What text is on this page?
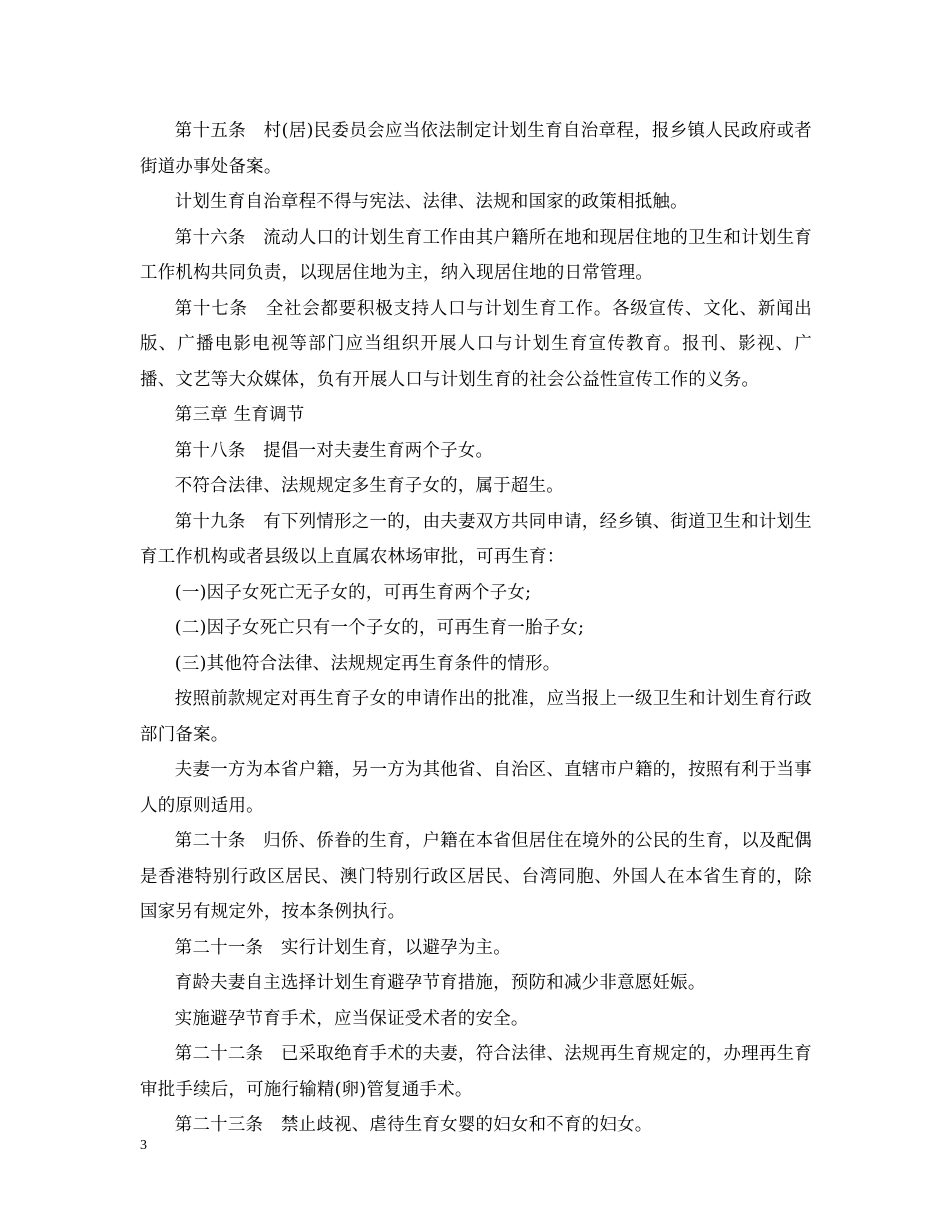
第十五条　村(居)民委员会应当依法制定计划生育自治章程，报乡镇人民政府或者街道办事处备案。

计划生育自治章程不得与宪法、法律、法规和国家的政策相抵触。

第十六条　流动人口的计划生育工作由其户籍所在地和现居住地的卫生和计划生育工作机构共同负责，以现居住地为主，纳入现居住地的日常管理。

第十七条　全社会都要积极支持人口与计划生育工作。各级宣传、文化、新闻出版、广播电影电视等部门应当组织开展人口与计划生育宣传教育。报刊、影视、广播、文艺等大众媒体，负有开展人口与计划生育的社会公益性宣传工作的义务。

第三章 生育调节

第十八条　提倡一对夫妻生育两个子女。

不符合法律、法规规定多生育子女的，属于超生。

第十九条　有下列情形之一的，由夫妻双方共同申请，经乡镇、街道卫生和计划生育工作机构或者县级以上直属农林场审批，可再生育：

(一)因子女死亡无子女的，可再生育两个子女;

(二)因子女死亡只有一个子女的，可再生育一胎子女;

(三)其他符合法律、法规规定再生育条件的情形。

按照前款规定对再生育子女的申请作出的批准，应当报上一级卫生和计划生育行政部门备案。

夫妻一方为本省户籍，另一方为其他省、自治区、直辖市户籍的，按照有利于当事人的原则适用。

第二十条　归侨、侨眷的生育，户籍在本省但居住在境外的公民的生育，以及配偶是香港特别行政区居民、澳门特别行政区居民、台湾同胞、外国人在本省生育的，除国家另有规定外，按本条例执行。

第二十一条　实行计划生育，以避孕为主。

育龄夫妻自主选择计划生育避孕节育措施，预防和减少非意愿妊娠。

实施避孕节育手术，应当保证受术者的安全。

第二十二条　已采取绝育手术的夫妻，符合法律、法规再生育规定的，办理再生育审批手续后，可施行输精(卵)管复通手术。

第二十三条　禁止歧视、虐待生育女婴的妇女和不育的妇女。

3
